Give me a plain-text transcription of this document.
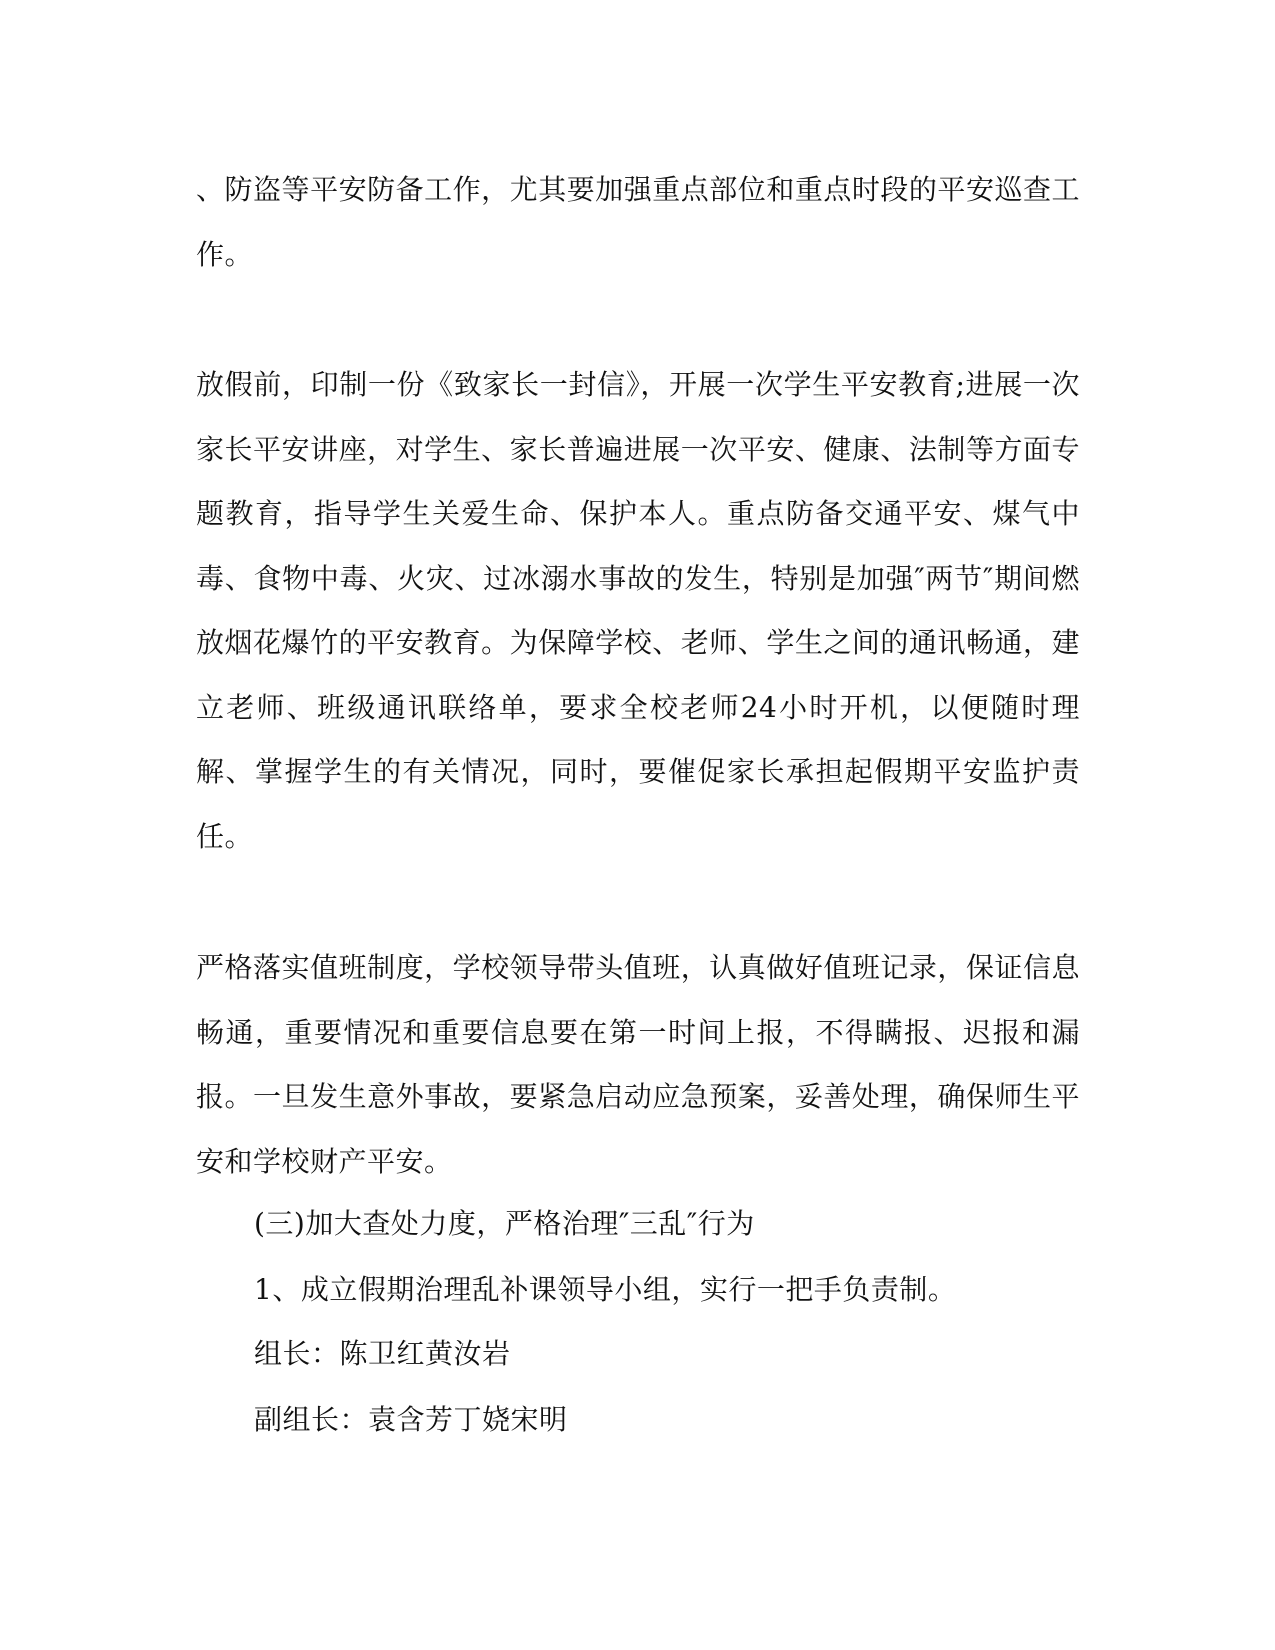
、防盗等平安防备工作，尤其要加强重点部位和重点时段的平安巡查工作。

放假前，印制一份《致家长一封信》，开展一次学生平安教育;进展一次家长平安讲座，对学生、家长普遍进展一次平安、健康、法制等方面专题教育，指导学生关爱生命、保护本人。重点防备交通平安、煤气中毒、食物中毒、火灾、过冰溺水事故的发生，特别是加强″两节″期间燃放烟花爆竹的平安教育。为保障学校、老师、学生之间的通讯畅通，建立老师、班级通讯联络单，要求全校老师24小时开机，以便随时理解、掌握学生的有关情况，同时，要催促家长承担起假期平安监护责任。

严格落实值班制度，学校领导带头值班，认真做好值班记录，保证信息畅通，重要情况和重要信息要在第一时间上报，不得瞒报、迟报和漏报。一旦发生意外事故，要紧急启动应急预案，妥善处理，确保师生平安和学校财产平安。

(三)加大查处力度，严格治理″三乱″行为

1、成立假期治理乱补课领导小组，实行一把手负责制。

组长：陈卫红黄汝岩

副组长：袁含芳丁娆宋明
